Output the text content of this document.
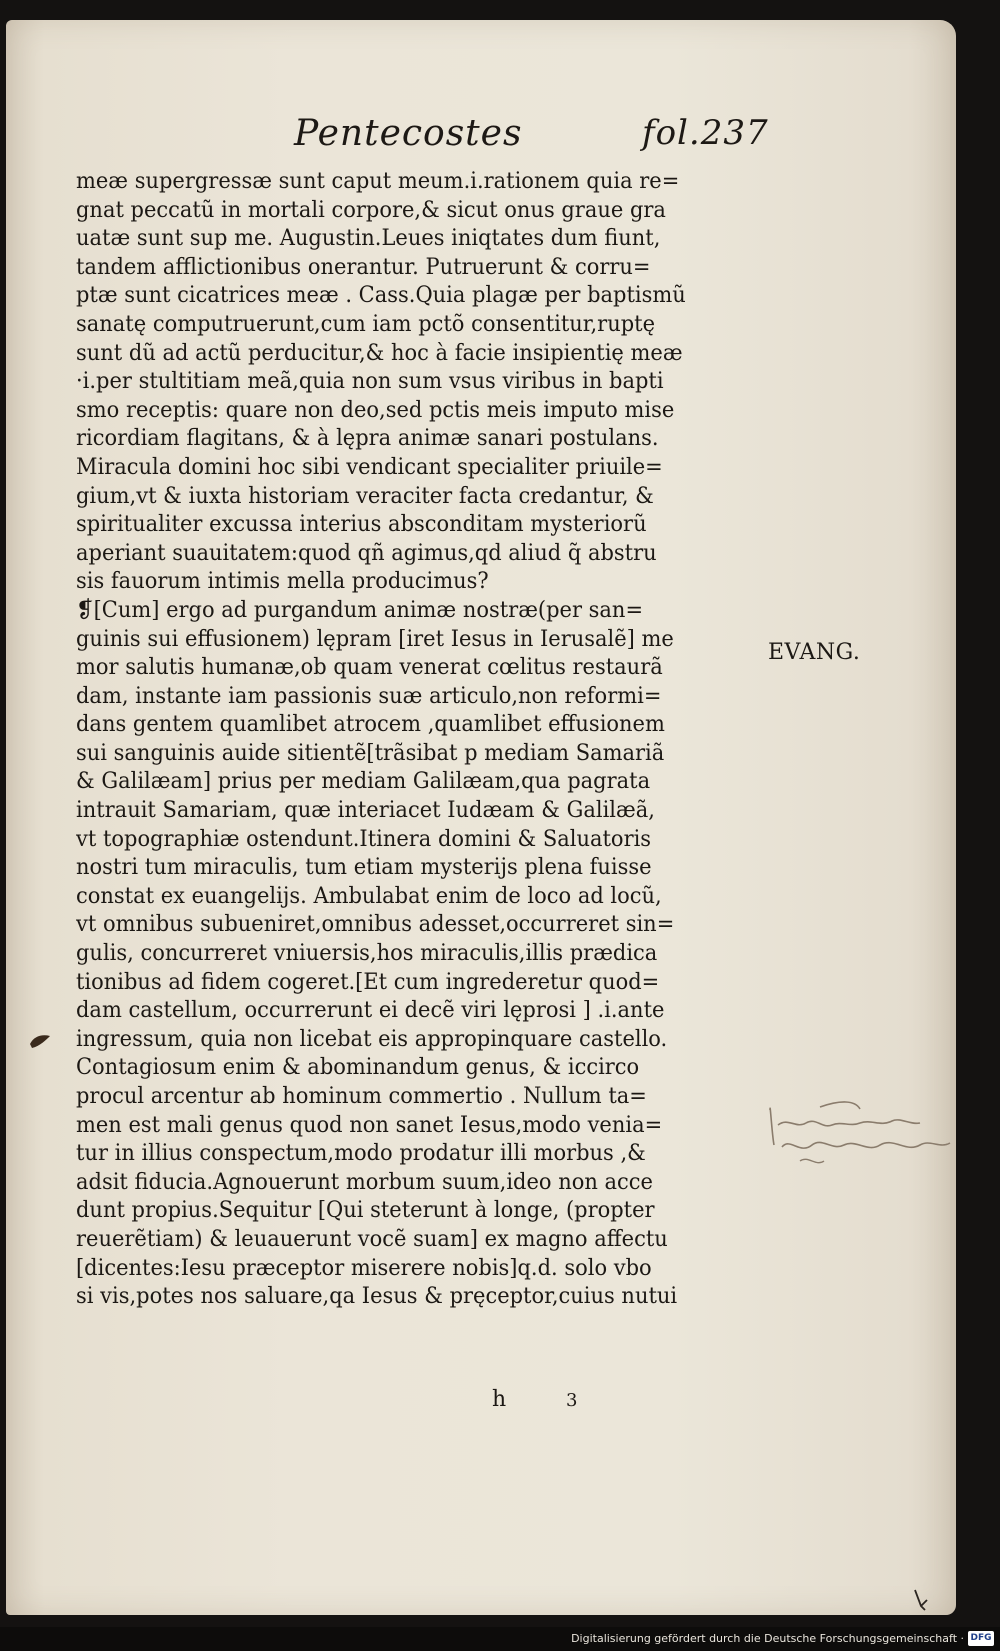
Pentecostes	fol.237
meæ supergressæ sunt caput meum.i.rationem quia re=
gnat peccatũ in mortali corpore,& sicut onus graue gra
uatæ sunt sup me. Augustin.Leues iniqtates dum fiunt,
tandem afflictionibus onerantur. Putruerunt & corru=
ptæ sunt cicatrices meæ . Cass.Quia plagæ per baptismũ
sanatę computruerunt,cum iam pctõ consentitur,ruptę
sunt dũ ad actũ perducitur,& hoc à facie insipientię meæ
·i.per stultitiam meã,quia non sum vsus viribus in bapti
smo receptis: quare non deo,sed pctis meis imputo mise
ricordiam flagitans, & à lępra animæ sanari postulans.
Miracula domini hoc sibi vendicant specialiter priuile=
gium,vt & iuxta historiam veraciter facta credantur, &
spiritualiter excussa interius absconditam mysteriorũ
aperiant suauitatem:quod qñ agimus,qd aliud q̃ abstru
sis fauorum intimis mella producimus?
❡[Cum] ergo ad purgandum animæ nostræ(per san=
guinis sui effusionem) lępram [iret Iesus in Ierusalẽ] me
mor salutis humanæ,ob quam venerat cœlitus restaurã
dam, instante iam passionis suæ articulo,non reformi=
dans gentem quamlibet atrocem ,quamlibet effusionem
sui sanguinis auide sitientẽ[trãsibat p mediam Samariã
& Galilæam] prius per mediam Galilæam,qua pagrata
intrauit Samariam, quæ interiacet Iudæam & Galilæã,
vt topographiæ ostendunt.Itinera domini & Saluatoris
nostri tum miraculis, tum etiam mysterijs plena fuisse
constat ex euangelijs. Ambulabat enim de loco ad locũ,
vt omnibus subueniret,omnibus adesset,occurreret sin=
gulis, concurreret vniuersis,hos miraculis,illis prædica
tionibus ad fidem cogeret.[Et cum ingrederetur quod=
dam castellum, occurrerunt ei decẽ viri lęprosi ] .i.ante
ingressum, quia non licebat eis appropinquare castello.
Contagiosum enim & abominandum genus, & iccirco
procul arcentur ab hominum commertio . Nullum ta=
men est mali genus quod non sanet Iesus,modo venia=
tur in illius conspectum,modo prodatur illi morbus ,&
adsit fiducia.Agnouerunt morbum suum,ideo non acce
dunt propius.Sequitur [Qui steterunt à longe, (propter
reuerẽtiam) & leuauerunt vocẽ suam] ex magno affectu
[dicentes:Iesu præceptor miserere nobis]q.d. solo vbo
si vis,potes nos saluare,qa Iesus & pręceptor,cuius nutui
EVANG.
h	3
Digitalisierung gefördert durch die Deutsche Forschungsgemeinschaft · DFG
